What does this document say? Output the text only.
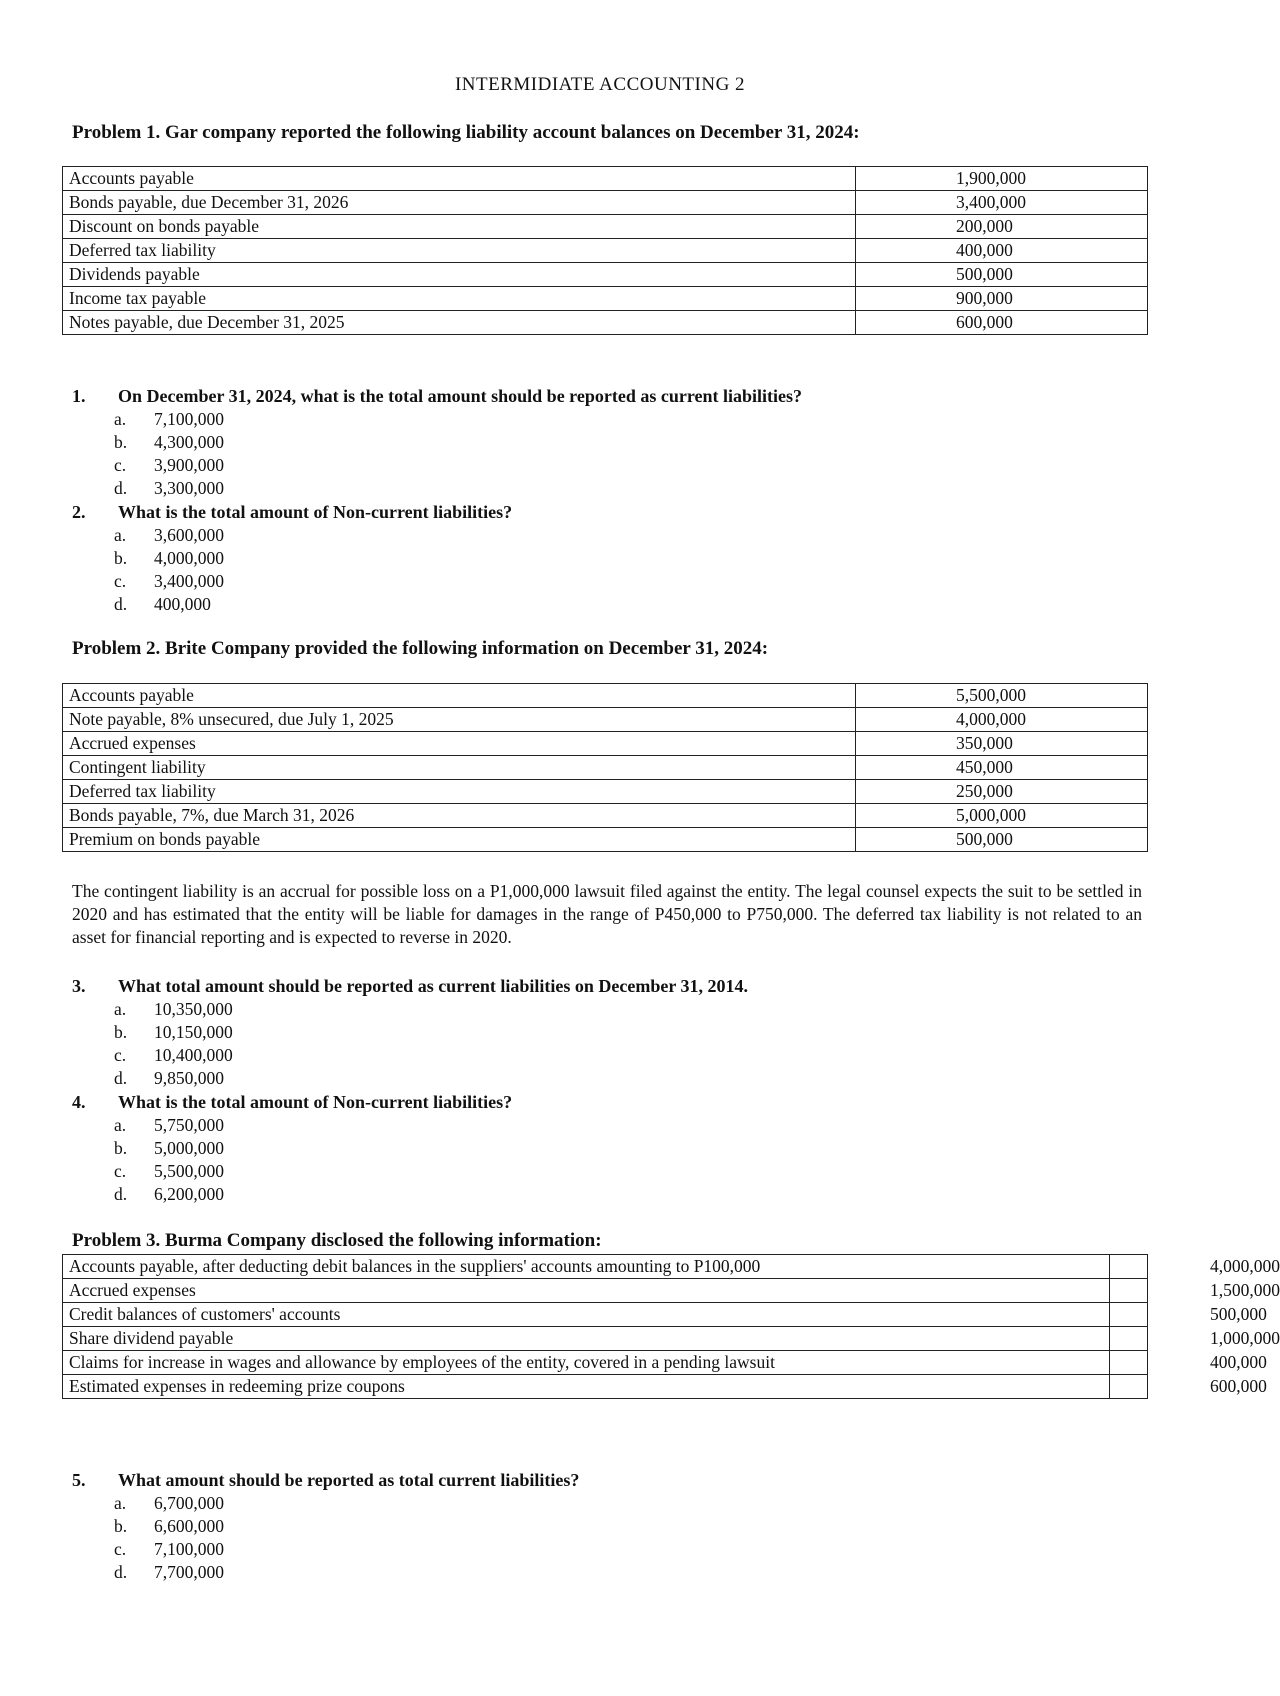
INTERMIDIATE ACCOUNTING 2
Problem 1. Gar company reported the following liability account balances on December 31, 2024:
Accounts payable	1,900,000
Bonds payable, due December 31, 2026	3,400,000
Discount on bonds payable	200,000
Deferred tax liability	400,000
Dividends payable	500,000
Income tax payable	900,000
Notes payable, due December 31, 2025	600,000
1. On December 31, 2024, what is the total amount should be reported as current liabilities?
a. 7,100,000
b. 4,300,000
c. 3,900,000
d. 3,300,000
2. What is the total amount of Non-current liabilities?
a. 3,600,000
b. 4,000,000
c. 3,400,000
d. 400,000
Problem 2. Brite Company provided the following information on December 31, 2024:
Accounts payable	5,500,000
Note payable, 8% unsecured, due July 1, 2025	4,000,000
Accrued expenses	350,000
Contingent liability	450,000
Deferred tax liability	250,000
Bonds payable, 7%, due March 31, 2026	5,000,000
Premium on bonds payable	500,000
The contingent liability is an accrual for possible loss on a P1,000,000 lawsuit filed against the entity. The legal counsel expects the suit to be settled in 2020 and has estimated that the entity will be liable for damages in the range of P450,000 to P750,000. The deferred tax liability is not related to an asset for financial reporting and is expected to reverse in 2020.
3. What total amount should be reported as current liabilities on December 31, 2014.
a. 10,350,000
b. 10,150,000
c. 10,400,000
d. 9,850,000
4. What is the total amount of Non-current liabilities?
a. 5,750,000
b. 5,000,000
c. 5,500,000
d. 6,200,000
Problem 3. Burma Company disclosed the following information:
Accounts payable, after deducting debit balances in the suppliers' accounts amounting to P100,000	4,000,000
Accrued expenses	1,500,000
Credit balances of customers' accounts	500,000
Share dividend payable	1,000,000
Claims for increase in wages and allowance by employees of the entity, covered in a pending lawsuit	400,000
Estimated expenses in redeeming prize coupons	600,000
5. What amount should be reported as total current liabilities?
a. 6,700,000
b. 6,600,000
c. 7,100,000
d. 7,700,000
